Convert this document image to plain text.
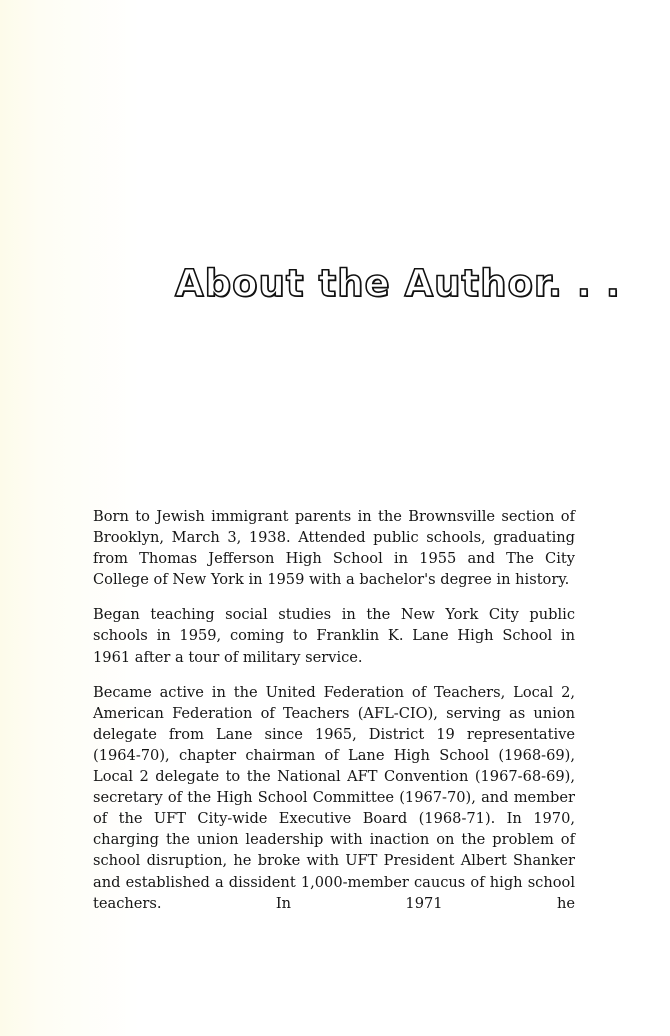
About the Author. . .

Born to Jewish immigrant parents in the Brownsville section of Brooklyn, March 3, 1938. Attended public schools, graduating from Thomas Jefferson High School in 1955 and The City College of New York in 1959 with a bachelor's degree in history.

Began teaching social studies in the New York City public schools in 1959, coming to Franklin K. Lane High School in 1961 after a tour of military service.

Became active in the United Federation of Teachers, Local 2, American Federation of Teachers (AFL-CIO), serving as union delegate from Lane since 1965, District 19 representative (1964-70), chapter chairman of Lane High School (1968-69), Local 2 delegate to the National AFT Convention (1967-68-69), secretary of the High School Committee (1967-70), and member of the UFT City-wide Executive Board (1968-71). In 1970, charging the union leadership with inaction on the problem of school disruption, he broke with UFT President Albert Shanker and established a dissident 1,000-member caucus of high school teachers. In 1971 he
